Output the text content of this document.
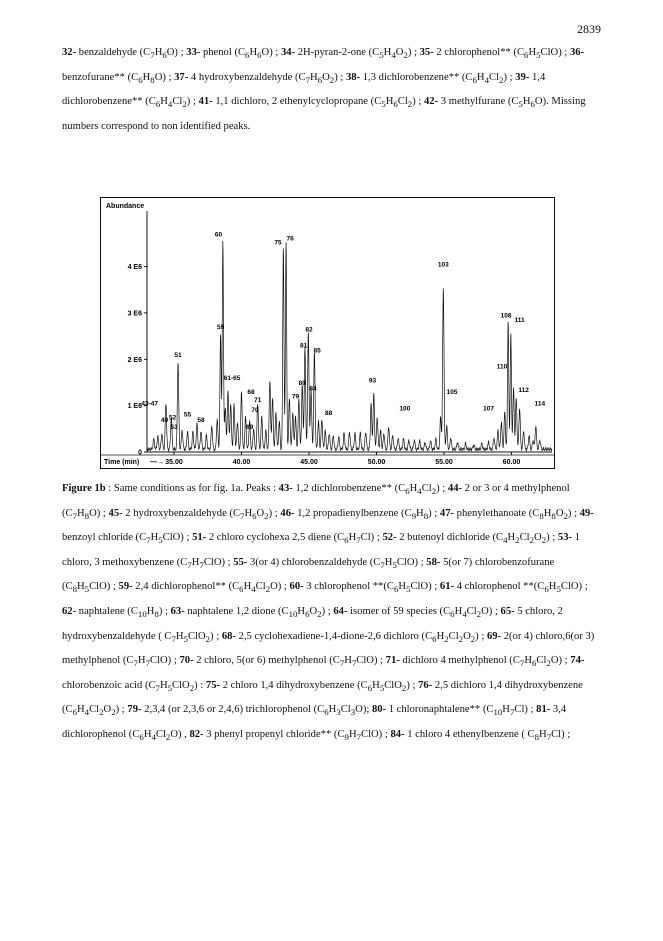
2839

32- benzaldehyde $(C_7H_6O)$ ; 33- phenol $(C_6H_6O)$ ; 34- 2H-pyran-2-one $(C_5H_4O_2)$ ; 35- 2 chlorophenol** $(C_6H_5ClO)$ ; 36- benzofurane** $(C_6H_8O)$ ; 37- 4 hydroxybenzaldehyde $(C_7H_6O_2)$ ; 38- 1,3 dichlorobenzene** $(C_6H_4Cl_2)$ ; 39- 1,4 dichlorobenzene** $(C_6H_4Cl_2)$ ; 41- 1,1 dichloro, 2 ethenylcyclopropane $(C_5H_6Cl_2)$ ; 42- 3 methylfurane $(C_5H_6O)$. Missing numbers correspond to non identified peaks.

Abundance
Time (min) —→
0
1 E6
2 E6
3 E6
4 E6
35.00	40.00	45.00	50.00	55.00	60.00
51
59
60
61-65
68
71
70
69
75
76
79
80
81
82
84
85
88
93
100
103
105
107
108
111
110
112
114
43-47
49 52
53
55
58

Figure 1b : Same conditions as for fig. 1a. Peaks : 43- 1,2 dichlorobenzene** $(C_6H_4Cl_2)$ ; 44- 2 or 3 or 4 methylphenol $(C_7H_8O)$ ; 45- 2 hydroxybenzaldehyde $(C_7H_6O_2)$ ; 46- 1,2 propadienylbenzene $(C_9H_8)$ ; 47- phenylethanoate $(C_8H_8O_2)$ ; 49- benzoyl chloride $(C_7H_5ClO)$ ; 51- 2 chloro cyclohexa 2,5 diene $(C_6H_7Cl)$ ; 52- 2 butenoyl dichloride $(C_4H_2Cl_2O_2)$ ; 53- 1 chloro, 3 methoxybenzene $(C_7H_7ClO)$ ; 55- 3(or 4) chlorobenzaldehyde $(C_7H_5ClO)$ ; 58- 5(or 7) chlorobenzofurane $(C_8H_5ClO)$ ; 59- 2,4 dichlorophenol** $(C_6H_4Cl_2O)$ ; 60- 3 chlorophenol $**(C_6H_5ClO)$ ; 61- 4 chlorophenol $**(C_6H_5ClO)$ ; 62- naphtalene $(C_{10}H_8)$ ; 63- naphtalene 1,2 dione $(C_{10}H_6O_2)$ ; 64- isomer of 59 species $(C_6H_4Cl_2O)$ ; 65- 5 chloro, 2 hydroxybenzaldehyde ( $C_7H_5ClO_2$) ; 68- 2,5 cyclohexadiene-1,4-dione-2,6 dichloro $(C_6H_2Cl_2O_2)$ ; 69- 2(or 4) chloro,6(or 3) methylphenol $(C_7H_7ClO)$ ; 70- 2 chloro, 5(or 6) methylphenol $(C_7H_7ClO)$ ; 71- dichloro 4 methylphenol $(C_7H_6Cl_2O)$ ; 74- chlorobenzoic acid $(C_7H_5ClO_2)$ : 75- 2 chloro 1,4 dihydroxybenzene $(C_6H_5ClO_2)$ ; 76- 2,5 dichloro 1,4 dihydroxybenzene $(C_6H_4Cl_2O_2)$ ; 79- 2,3,4 (or 2,3,6 or 2,4,6) trichlorophenol $(C_6H_3Cl_3O)$; 80- 1 chloronaphtalene** $(C_{10}H_7Cl)$ ; 81- 3,4 dichlorophenol $(C_6H_4Cl_2O)$ , 82- 3 phenyl propenyl chloride** $(C_9H_7ClO)$ ; 84- 1 chloro 4 ethenylbenzene ( $C_8H_7Cl$) ;
